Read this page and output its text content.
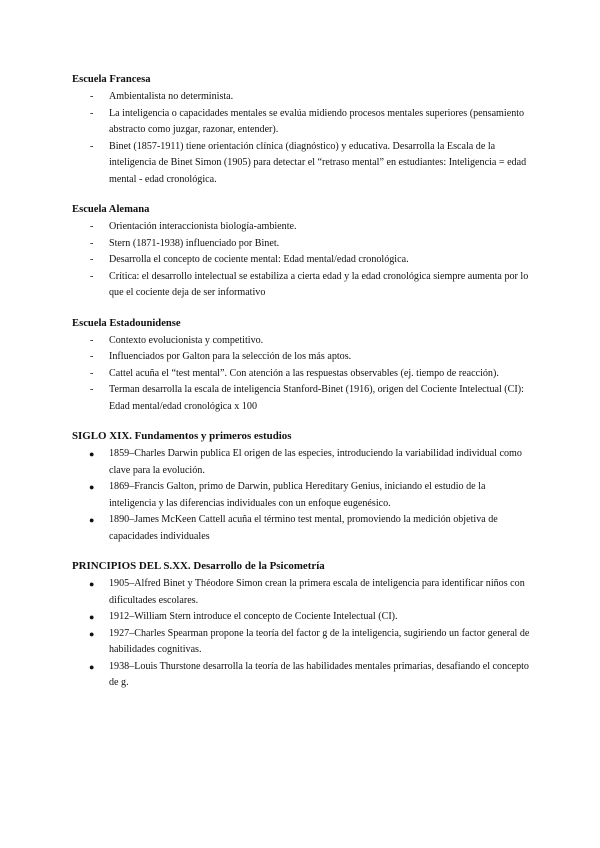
Escuela Francesa
-	Ambientalista no determinista.
-	La inteligencia o capacidades mentales se evalúa midiendo procesos mentales superiores (pensamiento abstracto como juzgar, razonar, entender).
-	Binet (1857-1911) tiene orientación clínica (diagnóstico) y educativa. Desarrolla la Escala de la inteligencia de Binet Simon (1905) para detectar el “retraso mental” en estudiantes: Inteligencia = edad mental - edad cronológica.
Escuela Alemana
-	Orientación interaccionista biología-ambiente.
-	Stern (1871-1938) influenciado por Binet.
-	Desarrolla el concepto de cociente mental: Edad mental/edad cronológica.
-	Crítica: el desarrollo intelectual se estabiliza a cierta edad y la edad cronológica siempre aumenta por lo que el cociente deja de ser informativo
Escuela Estadounidense
-	Contexto evolucionista y competitivo.
-	Influenciados por Galton para la selección de los más aptos.
-	Cattel acuña el “test mental”. Con atención a las respuestas observables (ej. tiempo de reacción).
-	Terman desarrolla la escala de inteligencia Stanford-Binet (1916), origen del Cociente Intelectual (CI): Edad mental/edad cronológica x 100
SIGLO XIX. Fundamentos y primeros estudios
●	1859–Charles Darwin publica El origen de las especies, introduciendo la variabilidad individual como clave para la evolución.
●	1869–Francis Galton, primo de Darwin, publica Hereditary Genius, iniciando el estudio de la inteligencia y las diferencias individuales con un enfoque eugenésico.
●	1890–James McKeen Cattell acuña el término test mental, promoviendo la medición objetiva de capacidades individuales
PRINCIPIOS DEL S.XX. Desarrollo de la Psicometría
●	1905–Alfred Binet y Théodore Simon crean la primera escala de inteligencia para identificar niños con dificultades escolares.
●	1912–William Stern introduce el concepto de Cociente Intelectual (CI).
●	1927–Charles Spearman propone la teoría del factor g de la inteligencia, sugiriendo un factor general de habilidades cognitivas.
●	1938–Louis Thurstone desarrolla la teoría de las habilidades mentales primarias, desafiando el concepto de g.
